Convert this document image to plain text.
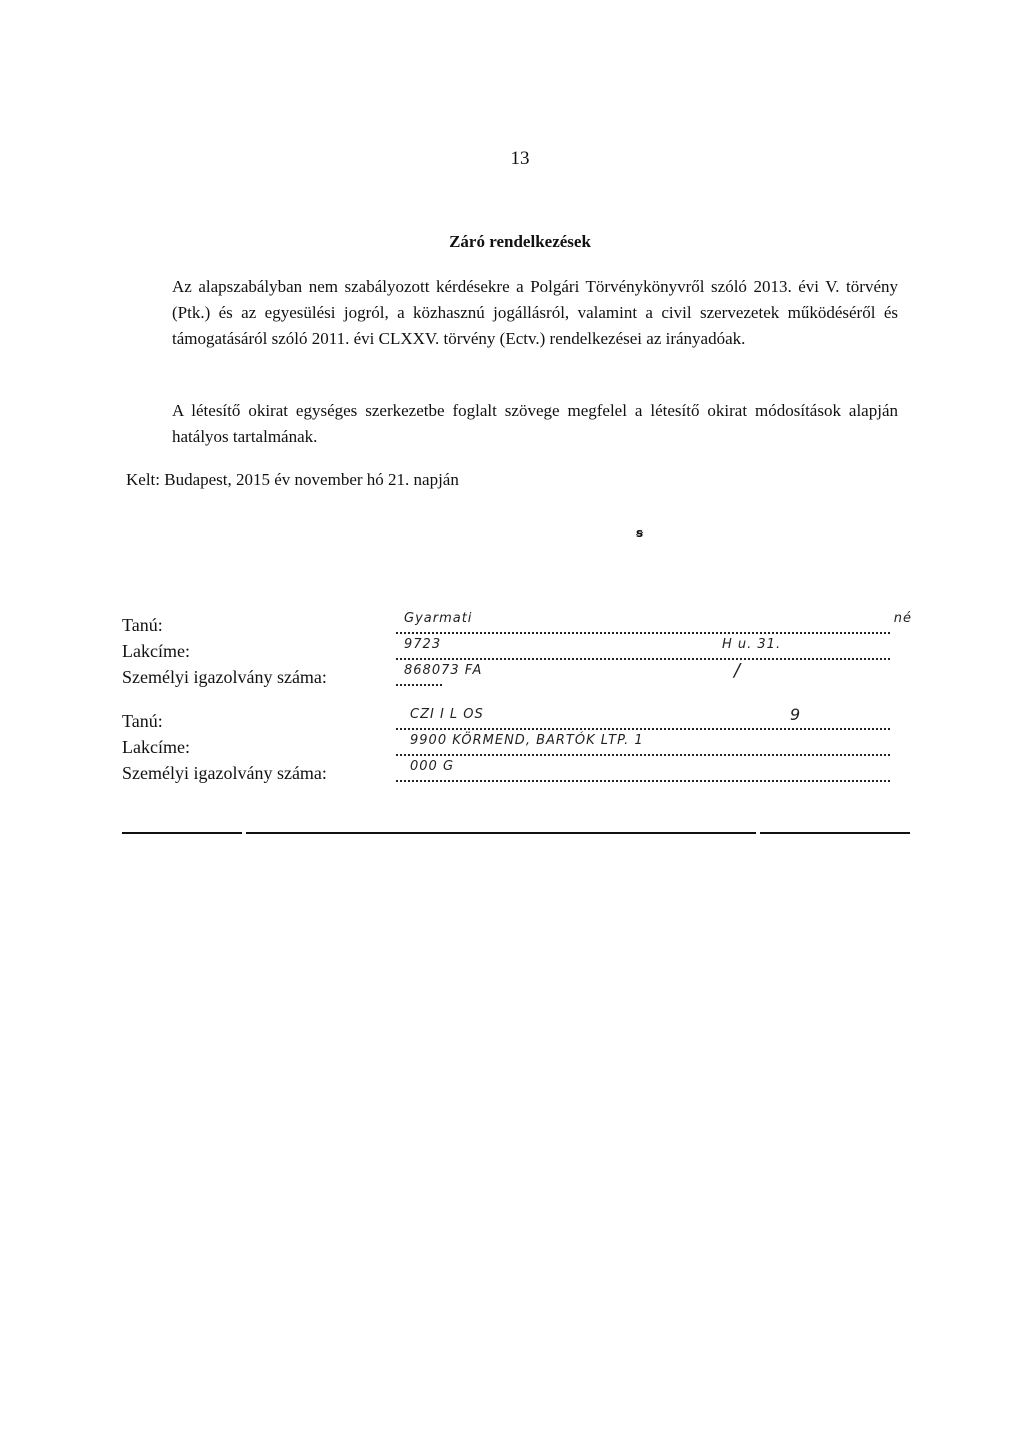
13
Záró rendelkezések
Az alapszabályban nem szabályozott kérdésekre a Polgári Törvénykönyvről szóló 2013. évi V. törvény (Ptk.) és az egyesülési jogról, a közhasznú jogállásról, valamint a civil szervezetek működéséről és támogatásáról szóló 2011. évi CLXXV. törvény (Ectv.) rendelkezései az irányadóak.
A létesítő okirat egységes szerkezetbe foglalt szövege megfelel a létesítő okirat módosítások alapján hatályos tartalmának.
Kelt: Budapest, 2015 év november hó 21. napján
ꞩ
Tanú:	Gyarmati	né
Lakcíme:	9723	H u. 31.
Személyi igazolvány száma:	868073 FA	/
Tanú:	CZI I L OS	9
Lakcíme:	9900 KÖRMEND, BARTÓK LTP. 1
Személyi igazolvány száma:	000 G
